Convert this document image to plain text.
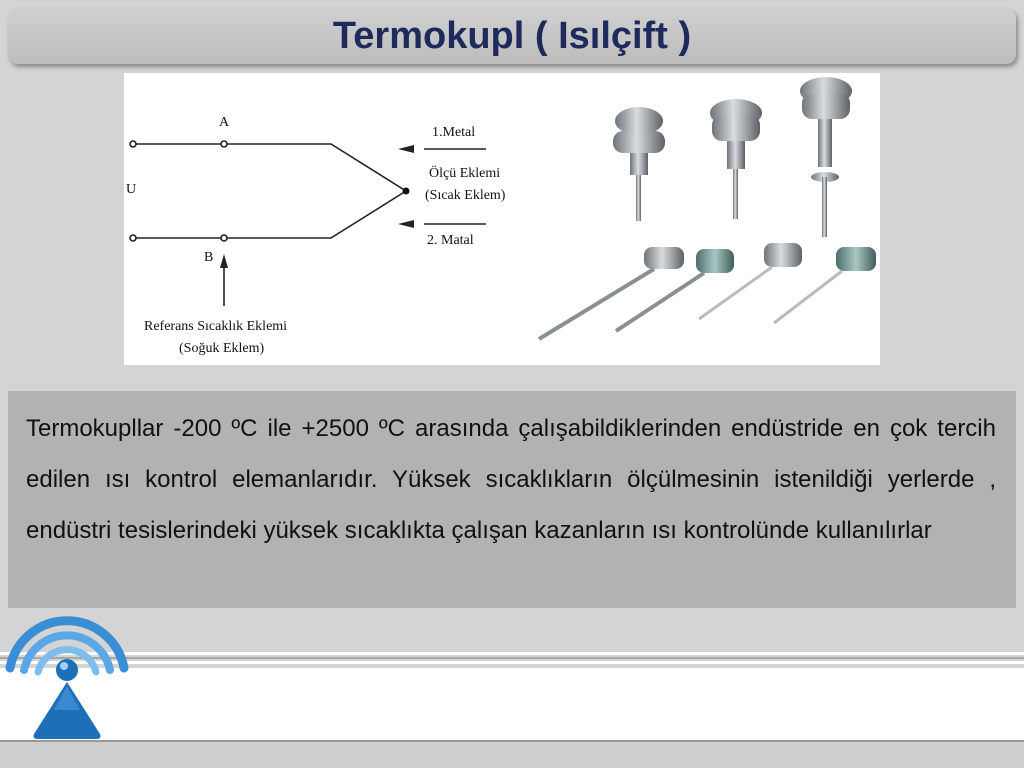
Termokupl ( Isılçift )
A
B
U
1.Metal
Ölçü Eklemi
(Sıcak Eklem)
2. Matal
Referans Sıcaklık Eklemi
(Soğuk Eklem)

Termokupllar -200 ºC ile +2500 ºC arasında çalışabildiklerinden endüstride en çok tercih edilen ısı kontrol elemanlarıdır. Yüksek sıcaklıkların ölçülmesinin istenildiği yerlerde , endüstri tesislerindeki yüksek sıcaklıkta çalışan kazanların ısı kontrolünde kullanılırlar
